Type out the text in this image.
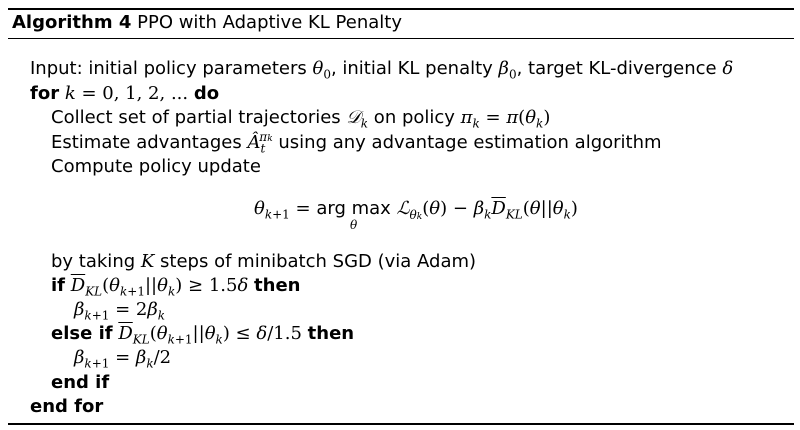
Algorithm 4 PPO with Adaptive KL Penalty
Input: initial policy parameters $\theta_0$, initial KL penalty $\beta_0$, target KL-divergence δ
for k = 0, 1, 2, ... do
Collect set of partial trajectories 𝒟$_k$ on policy $\pi_k = \pi(\theta_k)$
Estimate advantages $Â_t^{\pi k}$ using any advantage estimation algorithm
Compute policy update
$\theta_{k+1}$ = arg max
θ
ℒ$_{\theta k}$(θ) − $\beta_k\overline{D}_{KL}(\theta||\theta_k)$
by taking K steps of minibatch SGD (via Adam)
if $\overline{D}_{KL}(\theta_{k+1}||\theta_k) \ge 1.5\delta$ then
$\beta_{k+1} = 2\beta_k$
else if $\overline{D}_{KL}(\theta_{k+1}||\theta_k) \le \delta/1.5$ then
$\beta_{k+1} = \beta_k/2$
end if
end for
